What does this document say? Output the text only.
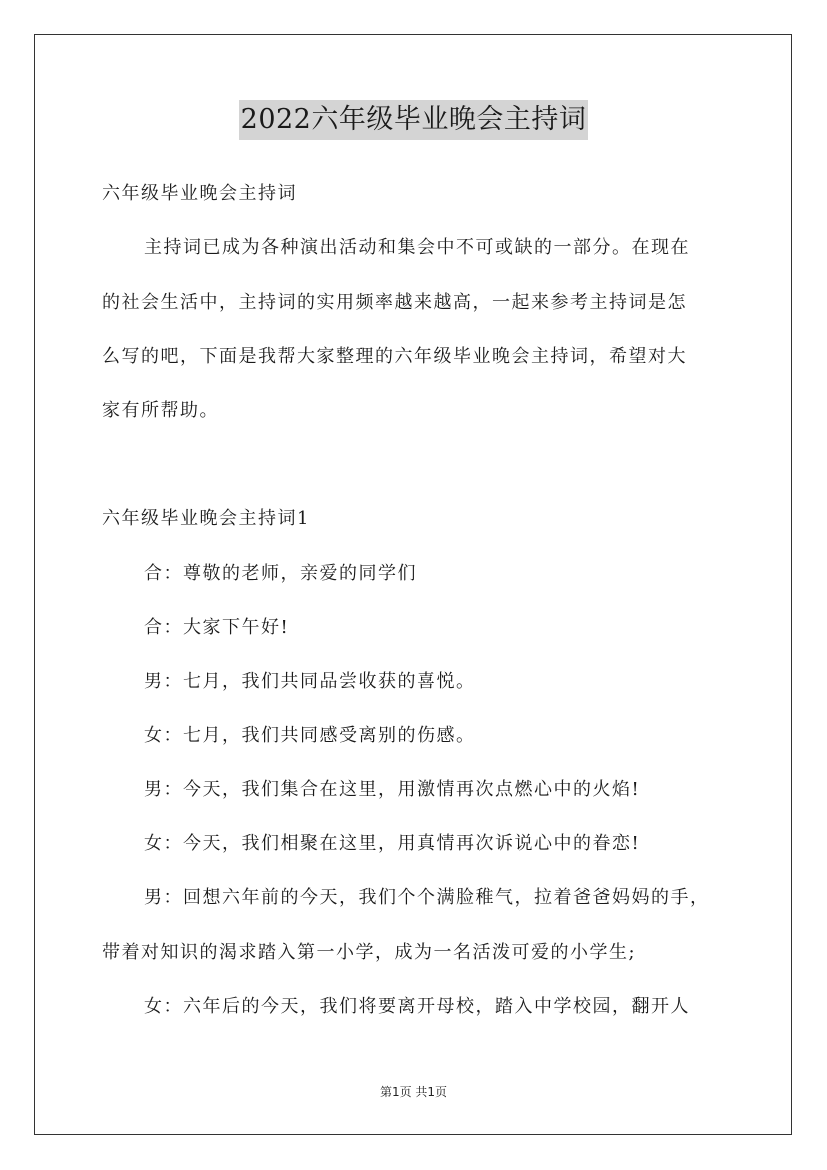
2022六年级毕业晚会主持词
六年级毕业晚会主持词
主持词已成为各种演出活动和集会中不可或缺的一部分。在现在
的社会生活中，主持词的实用频率越来越高，一起来参考主持词是怎
么写的吧，下面是我帮大家整理的六年级毕业晚会主持词，希望对大
家有所帮助。
六年级毕业晚会主持词1
合：尊敬的老师，亲爱的同学们
合：大家下午好!
男：七月，我们共同品尝收获的喜悦。
女：七月，我们共同感受离别的伤感。
男：今天，我们集合在这里，用激情再次点燃心中的火焰!
女：今天，我们相聚在这里，用真情再次诉说心中的眷恋!
男：回想六年前的今天，我们个个满脸稚气，拉着爸爸妈妈的手，
带着对知识的渴求踏入第一小学，成为一名活泼可爱的小学生;
女：六年后的今天，我们将要离开母校，踏入中学校园，翻开人
第1页 共1页
